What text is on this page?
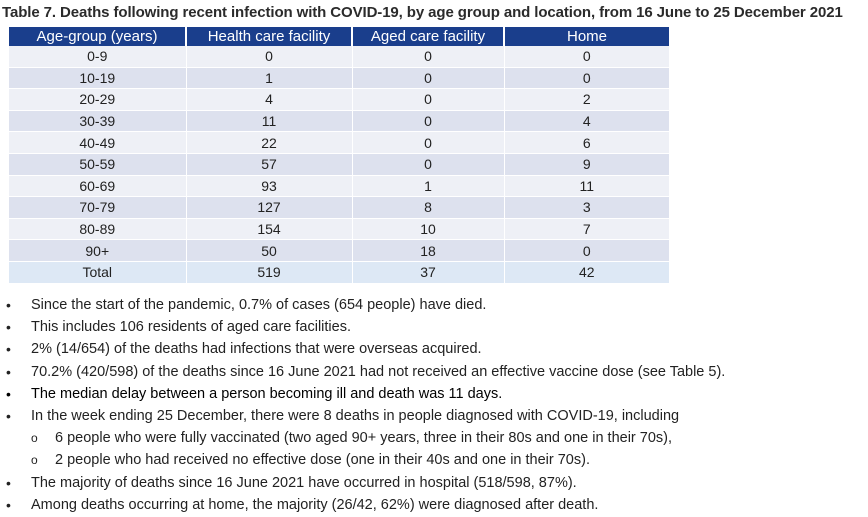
Table 7. Deaths following recent infection with COVID-19, by age group and location, from 16 June to 25 December 2021
Age-group (years)	Health care facility	Aged care facility	Home
0-9	0	0	0
10-19	1	0	0
20-29	4	0	2
30-39	11	0	4
40-49	22	0	6
50-59	57	0	9
60-69	93	1	11
70-79	127	8	3
80-89	154	10	7
90+	50	18	0
Total	519	37	42
• Since the start of the pandemic, 0.7% of cases (654 people) have died.
• This includes 106 residents of aged care facilities.
• 2% (14/654) of the deaths had infections that were overseas acquired.
• 70.2% (420/598) of the deaths since 16 June 2021 had not received an effective vaccine dose (see Table 5).
• The median delay between a person becoming ill and death was 11 days.
• In the week ending 25 December, there were 8 deaths in people diagnosed with COVID-19, including
o 6 people who were fully vaccinated (two aged 90+ years, three in their 80s and one in their 70s),
o 2 people who had received no effective dose (one in their 40s and one in their 70s).
• The majority of deaths since 16 June 2021 have occurred in hospital (518/598, 87%).
• Among deaths occurring at home, the majority (26/42, 62%) were diagnosed after death.
